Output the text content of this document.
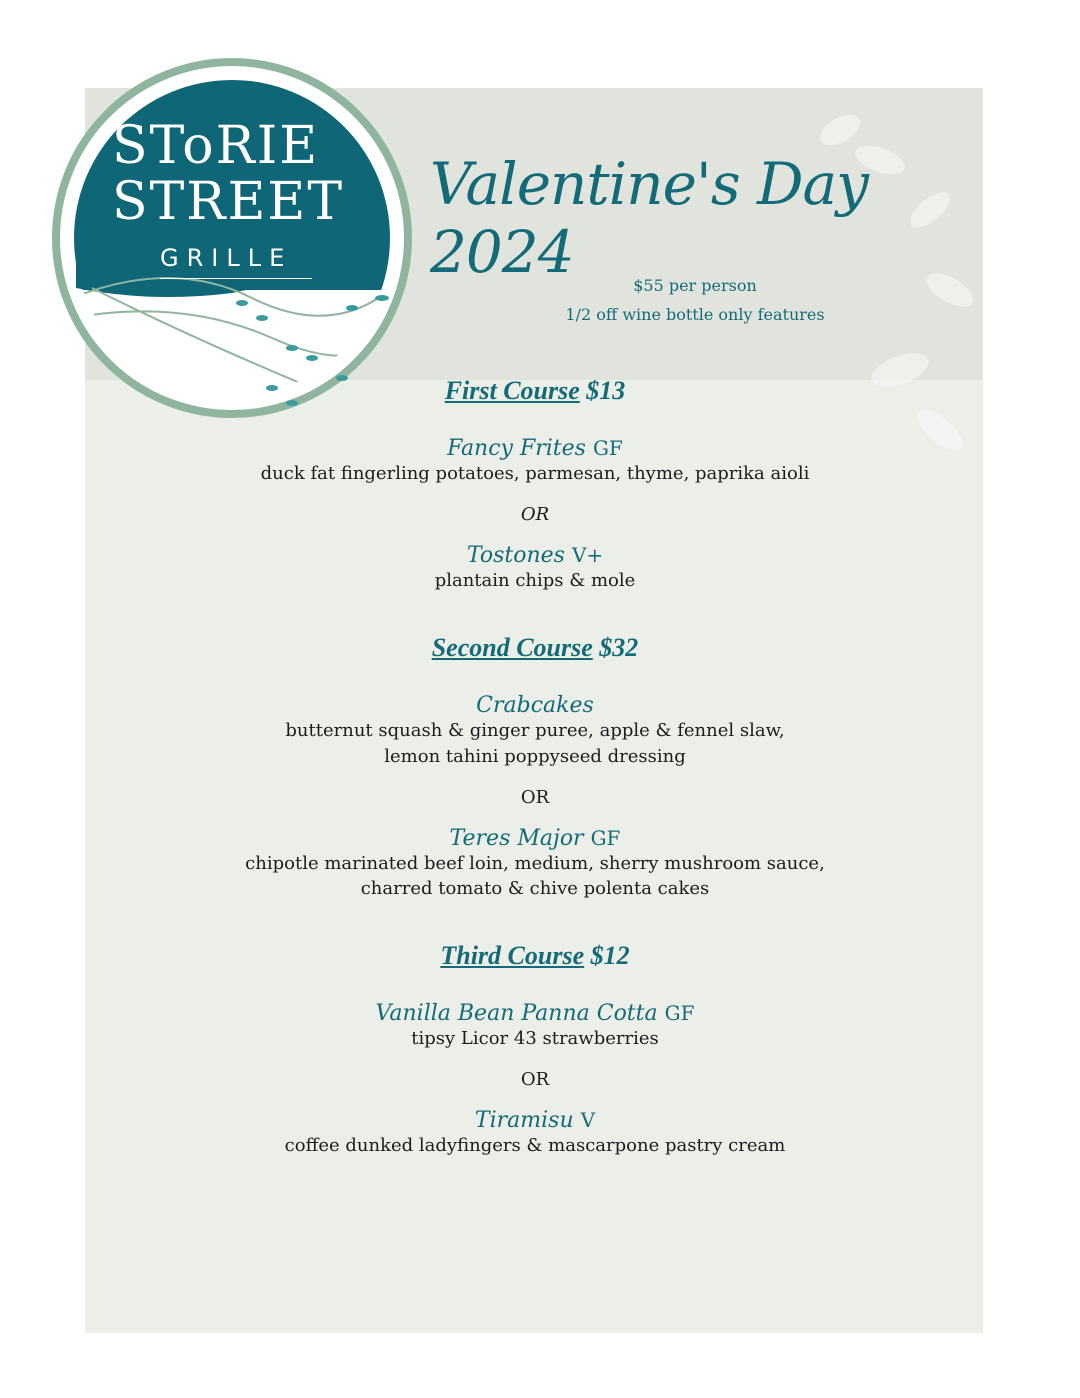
SToRIE
STREET
GRILLE
Valentine's Day 2024	$55 per person
1/2 off wine bottle only features

First Course $13

Fancy Frites GF

duck fat fingerling potatoes, parmesan, thyme, paprika aioli

OR

Tostones V+

plantain chips & mole

Second Course $32

Crabcakes

butternut squash & ginger puree, apple & fennel slaw,

lemon tahini poppyseed dressing

OR

Teres Major GF

chipotle marinated beef loin, medium, sherry mushroom sauce,

charred tomato & chive polenta cakes

Third Course $12

Vanilla Bean Panna Cotta GF

tipsy Licor 43 strawberries

OR

Tiramisu V

coffee dunked ladyfingers & mascarpone pastry cream
